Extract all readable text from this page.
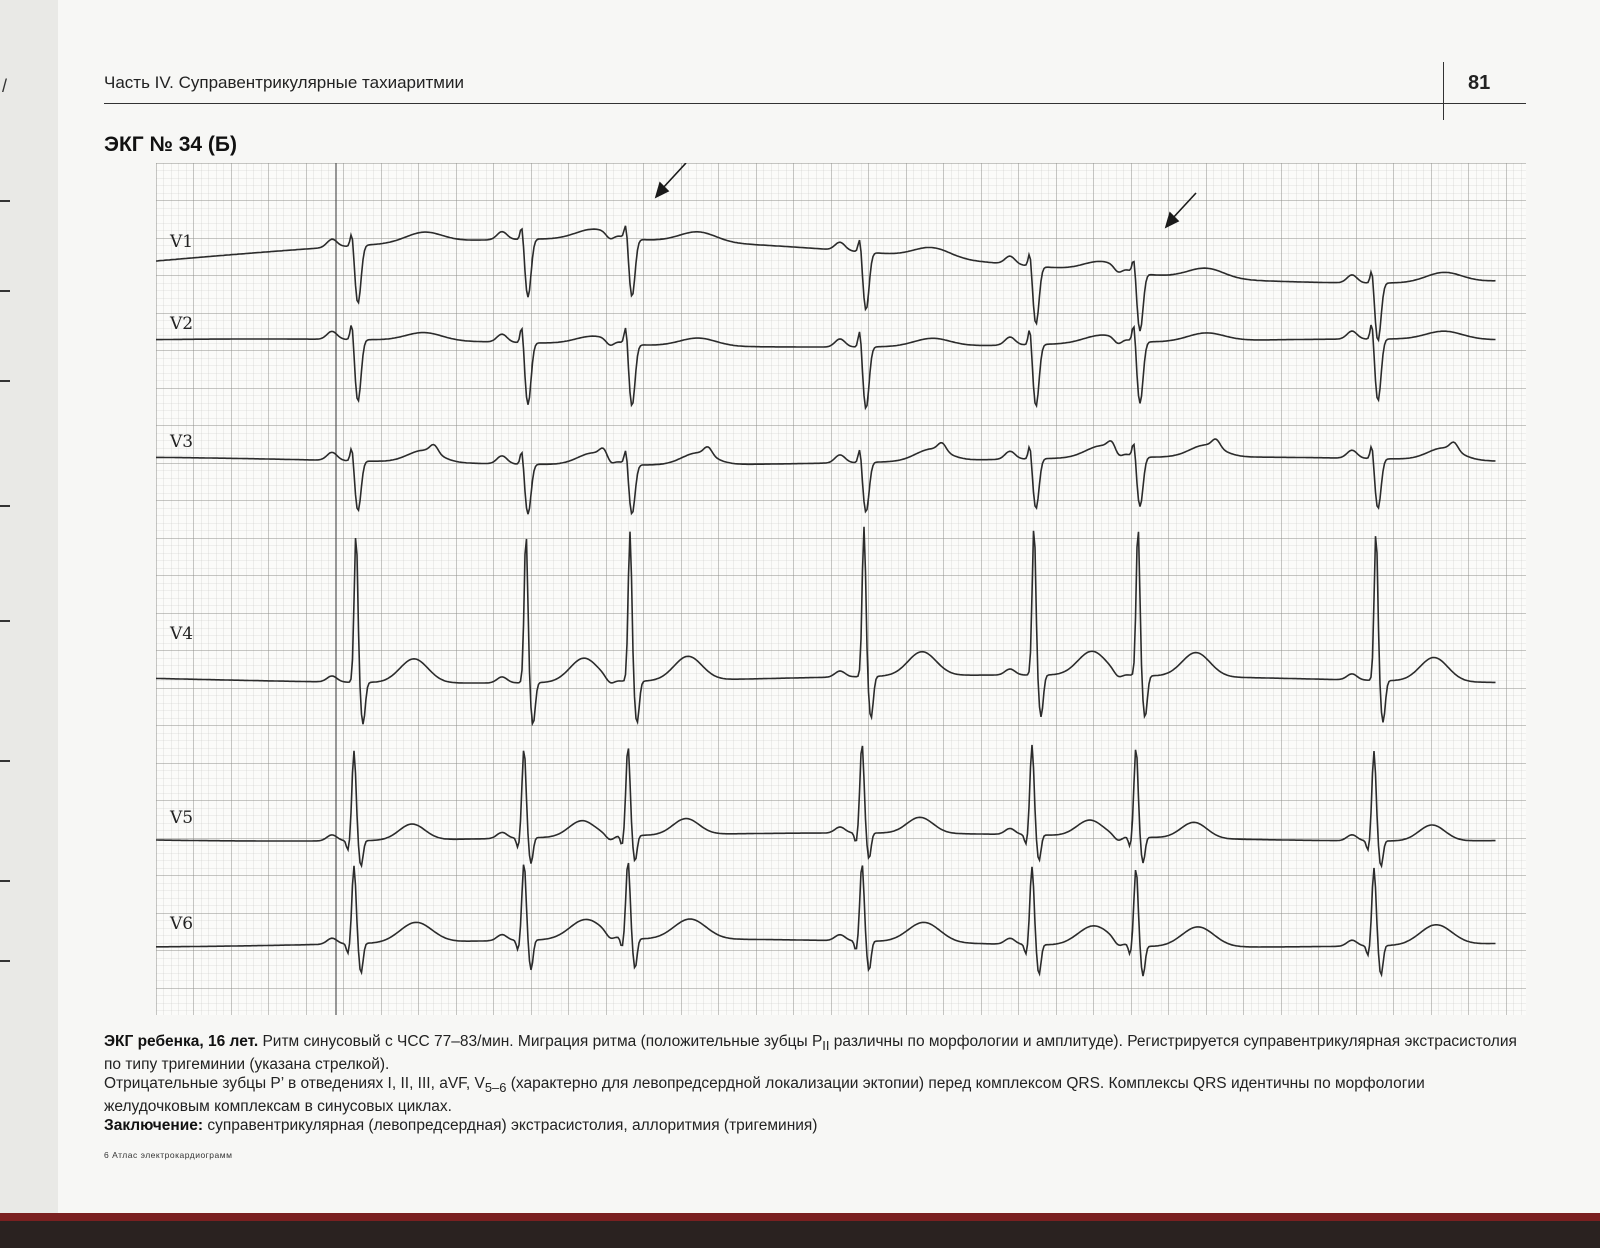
/	Часть IV. Суправентрикулярные тахиаритмии	81
ЭКГ № 34 (Б)
V1
V2
V3
V4
V5
V6

ЭКГ ребенка, 16 лет. Ритм синусовый с ЧСС 77–83/мин. Миграция ритма (положительные зубцы $P_{II}$ различны по морфологии и амплитуде). Регистрируется суправентрикулярная экстрасистолия по типу тригеминии (указана стрелкой).

Отрицательные зубцы P’ в отведениях I, II, III, aVF, $V_{5-6}$ (характерно для левопредсердной локализации эктопии) перед комплексом QRS. Комплексы QRS идентичны по морфологии желудочковым комплексам в синусовых циклах.

Заключение: суправентрикулярная (левопредсердная) экстрасистолия, аллоритмия (тригеминия)

6 Атлас электрокардиограмм
